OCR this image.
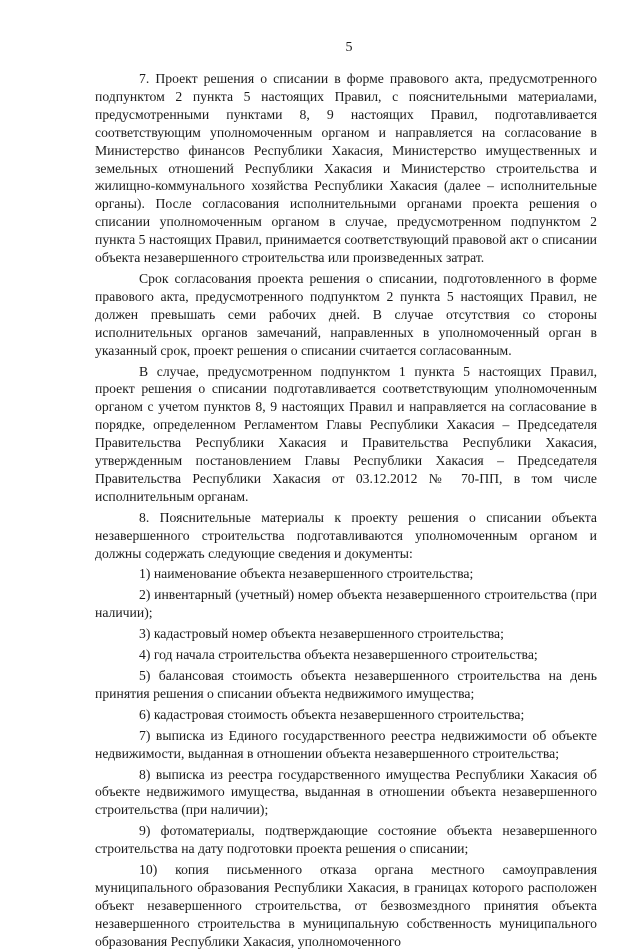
5

7. Проект решения о списании в форме правового акта, предусмотренного подпунктом 2 пункта 5 настоящих Правил, с пояснительными материалами, предусмотренными пунктами 8, 9 настоящих Правил, подготавливается соответствующим уполномоченным органом и направляется на согласование в Министерство финансов Республики Хакасия, Министерство имущественных и земельных отношений Республики Хакасия и Министерство строительства и жилищно-коммунального хозяйства Республики Хакасия (далее – исполнительные органы). После согласования исполнительными органами проекта решения о списании уполномоченным органом в случае, предусмотренном подпунктом 2 пункта 5 настоящих Правил, принимается соответствующий правовой акт о списании объекта незавершенного строительства или произведенных затрат.

Срок согласования проекта решения о списании, подготовленного в форме правового акта, предусмотренного подпунктом 2 пункта 5 настоящих Правил, не должен превышать семи рабочих дней. В случае отсутствия со стороны исполнительных органов замечаний, направленных в уполномоченный орган в указанный срок, проект решения о списании считается согласованным.

В случае, предусмотренном подпунктом 1 пункта 5 настоящих Правил, проект решения о списании подготавливается соответствующим уполномоченным органом с учетом пунктов 8, 9 настоящих Правил и направляется на согласование в порядке, определенном Регламентом Главы Республики Хакасия – Председателя Правительства Республики Хакасия и Правительства Республики Хакасия, утвержденным постановлением Главы Республики Хакасия – Председателя Правительства Республики Хакасия от 03.12.2012 № 70-ПП, в том числе исполнительным органам.

8. Пояснительные материалы к проекту решения о списании объекта незавершенного строительства подготавливаются уполномоченным органом и должны содержать следующие сведения и документы:

1) наименование объекта незавершенного строительства;

2) инвентарный (учетный) номер объекта незавершенного строительства (при наличии);

3) кадастровый номер объекта незавершенного строительства;

4) год начала строительства объекта незавершенного строительства;

5) балансовая стоимость объекта незавершенного строительства на день принятия решения о списании объекта недвижимого имущества;

6) кадастровая стоимость объекта незавершенного строительства;

7) выписка из Единого государственного реестра недвижимости об объекте недвижимости, выданная в отношении объекта незавершенного строительства;

8) выписка из реестра государственного имущества Республики Хакасия об объекте недвижимого имущества, выданная в отношении объекта незавершенного строительства (при наличии);

9) фотоматериалы, подтверждающие состояние объекта незавершенного строительства на дату подготовки проекта решения о списании;

10) копия письменного отказа органа местного самоуправления муниципального образования Республики Хакасия, в границах которого расположен объект незавершенного строительства, от безвозмездного принятия объекта незавершенного строительства в муниципальную собственность муниципального образования Республики Хакасия, уполномоченного
